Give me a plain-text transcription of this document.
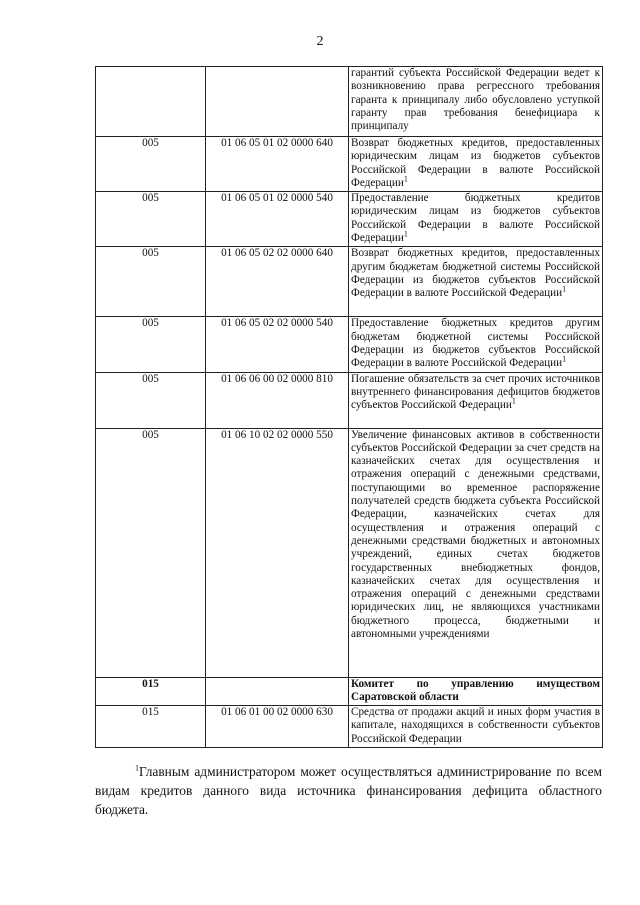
2
		гарантий субъекта Российской Федерации ведет к возникновению права регрессного требования гаранта к принципалу либо обусловлено уступкой гаранту прав требования бенефициара к принципалу
005	01 06 05 01 02 0000 640	Возврат бюджетных кредитов, предоставленных юридическим лицам из бюджетов субъектов Российской Федерации в валюте Российской Федерации$^1$
005	01 06 05 01 02 0000 540	Предоставление бюджетных кредитов юридическим лицам из бюджетов субъектов Российской Федерации в валюте Российской Федерации$^1$
005	01 06 05 02 02 0000 640	Возврат бюджетных кредитов, предоставленных другим бюджетам бюджетной системы Российской Федерации из бюджетов субъектов Российской Федерации в валюте Российской Федерации$^1$
005	01 06 05 02 02 0000 540	Предоставление бюджетных кредитов другим бюджетам бюджетной системы Российской Федерации из бюджетов субъектов Российской Федерации в валюте Российской Федерации$^1$
005	01 06 06 00 02 0000 810	Погашение обязательств за счет прочих источников внутреннего финансирования дефицитов бюджетов субъектов Российской Федерации$^1$
005	01 06 10 02 02 0000 550	Увеличение финансовых активов в собственности субъектов Российской Федерации за счет средств на казначейских счетах для осуществления и отражения операций с денежными средствами, поступающими во временное распоряжение получателей средств бюджета субъекта Российской Федерации, казначейских счетах для осуществления и отражения операций с денежными средствами бюджетных и автономных учреждений, единых счетах бюджетов государственных внебюджетных фондов, казначейских счетах для осуществления и отражения операций с денежными средствами юридических лиц, не являющихся участниками бюджетного процесса, бюджетными и автономными учреждениями
015		Комитет по управлению имуществом Саратовской области
015	01 06 01 00 02 0000 630	Средства от продажи акций и иных форм участия в капитале, находящихся в собственности субъектов Российской Федерации
$^1$Главным администратором может осуществляться администрирование по всем видам кредитов данного вида источника финансирования дефицита областного бюджета.
